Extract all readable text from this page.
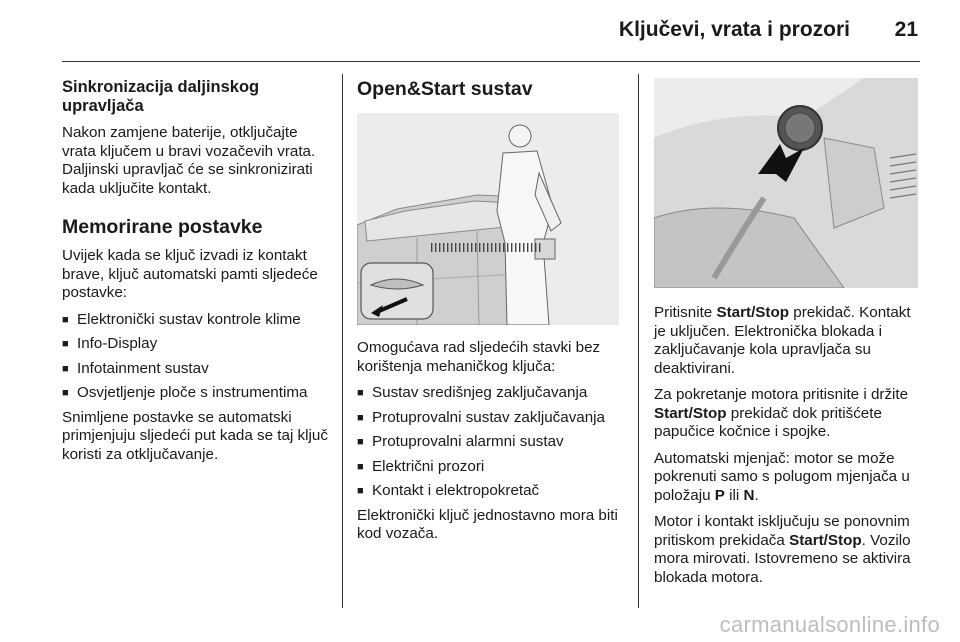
Ključevi, vrata i prozori	21

Sinkronizacija daljinskog upravljača

Nakon zamjene baterije, otključajte vrata ključem u bravi vozačevih vrata. Daljinski upravljač će se sinkronizirati kada uključite kontakt.

Memorirane postavke

Uvijek kada se ključ izvadi iz kontakt brave, ključ automatski pamti sljedeće postavke:

■ Elektronički sustav kontrole klime
■ Info-Display
■ Infotainment sustav
■ Osvjetljenje ploče s instrumentima

Snimljene postavke se automatski primjenjuju sljedeći put kada se taj ključ koristi za otključavanje.

Open&Start sustav

Omogućava rad sljedećih stavki bez korištenja mehaničkog ključa:

■ Sustav središnjeg zaključavanja
■ Protuprovalni sustav zaključavanja
■ Protuprovalni alarmni sustav
■ Električni prozori
■ Kontakt i elektropokretač

Elektronički ključ jednostavno mora biti kod vozača.

Pritisnite Start/Stop prekidač. Kontakt je uključen. Elektronička blokada i zaključavanje kola upravljača su deaktivirani.

Za pokretanje motora pritisnite i držite Start/Stop prekidač dok pritišćete papučice kočnice i spojke.

Automatski mjenjač: motor se može pokrenuti samo s polugom mjenjača u položaju P ili N.

Motor i kontakt isključuju se ponovnim pritiskom prekidača Start/Stop. Vozilo mora mirovati. Istovremeno se aktivira blokada motora.

carmanualsonline.info
